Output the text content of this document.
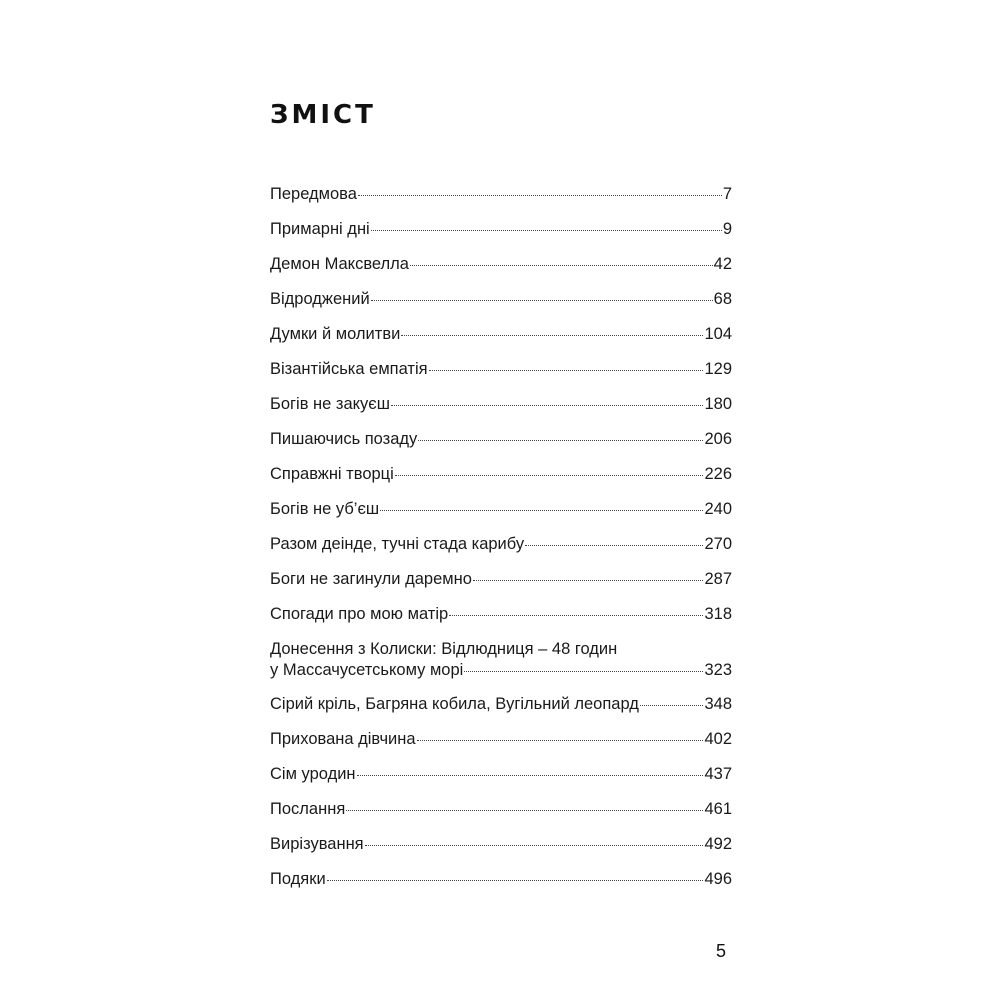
ЗМІСТ
Передмова	7
Примарні дні	9
Демон Максвелла	42
Відроджений	68
Думки й молитви	104
Візантійська емпатія	129
Богів не закуєш	180
Пишаючись позаду	206
Справжні творці	226
Богів не уб’єш	240
Разом деінде, тучні стада карибу	270
Боги не загинули даремно	287
Спогади про мою матір	318
Донесення з Колиски: Відлюдниця – 48 годин
у Массачусетському морі	323
Сірий кріль, Багряна кобила, Вугільний леопард	348
Прихована дівчина	402
Сім уродин	437
Послання	461
Вирізування	492
Подяки	496
5
